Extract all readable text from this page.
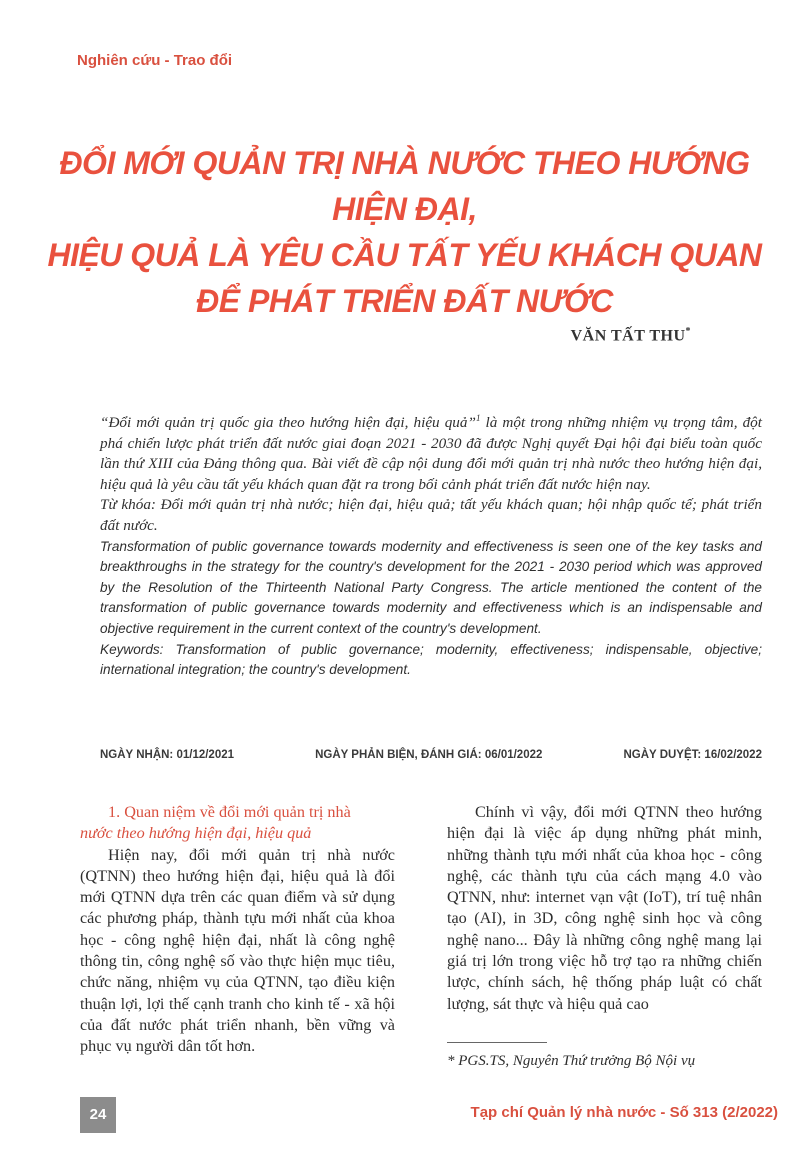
Nghiên cứu - Trao đổi
ĐỔI MỚI QUẢN TRỊ NHÀ NƯỚC THEO HƯỚNG HIỆN ĐẠI,
HIỆU QUẢ LÀ YÊU CẦU TẤT YẾU KHÁCH QUAN
ĐỂ PHÁT TRIỂN ĐẤT NƯỚC
VĂN TẤT THU*

“Đổi mới quản trị quốc gia theo hướng hiện đại, hiệu quả”$^1$ là một trong những nhiệm vụ trọng tâm, đột phá chiến lược phát triển đất nước giai đoạn 2021 - 2030 đã được Nghị quyết Đại hội đại biểu toàn quốc lần thứ XIII của Đảng thông qua. Bài viết đề cập nội dung đổi mới quản trị nhà nước theo hướng hiện đại, hiệu quả là yêu cầu tất yếu khách quan đặt ra trong bối cảnh phát triển đất nước hiện nay.

Từ khóa: Đổi mới quản trị nhà nước; hiện đại, hiệu quả; tất yếu khách quan; hội nhập quốc tế; phát triển đất nước.

Transformation of public governance towards modernity and effectiveness is seen one of the key tasks and breakthroughs in the strategy for the country's development for the 2021 - 2030 period which was approved by the Resolution of the Thirteenth National Party Congress. The article mentioned the content of the transformation of public governance towards modernity and effectiveness which is an indispensable and objective requirement in the current context of the country's development.

Keywords: Transformation of public governance; modernity, effectiveness; indispensable, objective; international integration; the country's development.

NGÀY NHẬN: 01/12/2021	NGÀY PHẢN BIỆN, ĐÁNH GIÁ: 06/01/2022	NGÀY DUYỆT: 16/02/2022
1. Quan niệm về đổi mới quản trị nhà
nước theo hướng hiện đại, hiệu quả

Hiện nay, đổi mới quản trị nhà nước (QTNN) theo hướng hiện đại, hiệu quả là đổi mới QTNN dựa trên các quan điểm và sử dụng các phương pháp, thành tựu mới nhất của khoa học - công nghệ hiện đại, nhất là công nghệ thông tin, công nghệ số vào thực hiện mục tiêu, chức năng, nhiệm vụ của QTNN, tạo điều kiện thuận lợi, lợi thế cạnh tranh cho kinh tế - xã hội của đất nước phát triển nhanh, bền vững và phục vụ người dân tốt hơn.

Chính vì vậy, đổi mới QTNN theo hướng hiện đại là việc áp dụng những phát minh, những thành tựu mới nhất của khoa học - công nghệ, các thành tựu của cách mạng 4.0 vào QTNN, như: internet vạn vật (IoT), trí tuệ nhân tạo (AI), in 3D, công nghệ sinh học và công nghệ nano... Đây là những công nghệ mang lại giá trị lớn trong việc hỗ trợ tạo ra những chiến lược, chính sách, hệ thống pháp luật có chất lượng, sát thực và hiệu quả cao

* PGS.TS, Nguyên Thứ trưởng Bộ Nội vụ

24	Tạp chí Quản lý nhà nước - Số 313 (2/2022)
